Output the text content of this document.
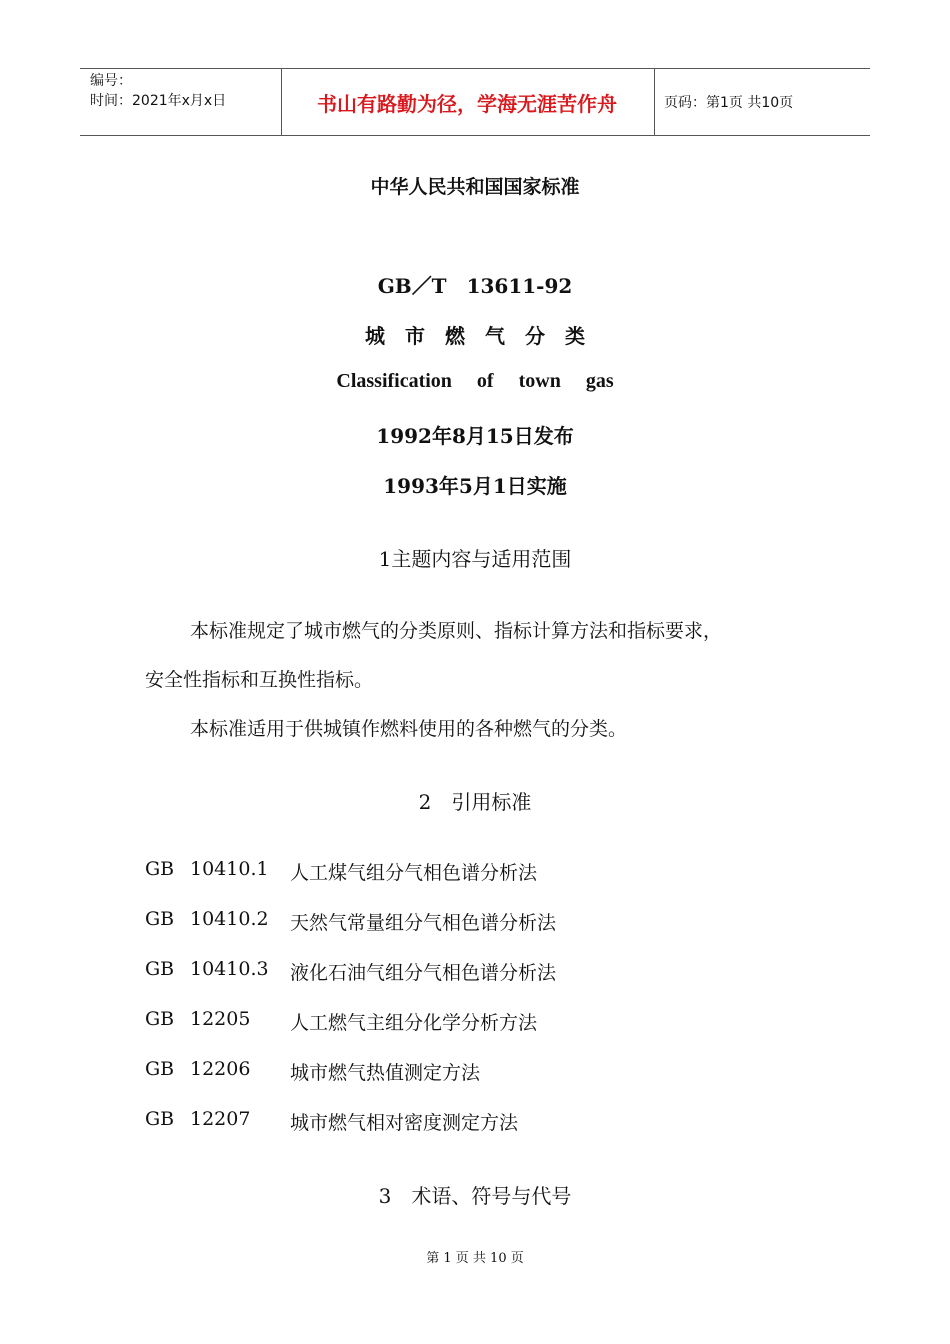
编号：
时间：2021年x月x日	书山有路勤为径，学海无涯苦作舟	页码：第1页 共10页
中华人民共和国国家标准
GB／T　13611-92
城　市　燃　气　分　类
Classification of town gas
1992年8月15日发布
1993年5月1日实施
1主题内容与适用范围
本标准规定了城市燃气的分类原则、指标计算方法和指标要求，
安全性指标和互换性指标。
本标准适用于供城镇作燃料使用的各种燃气的分类。
2　引用标准
GB 10410.1 人工煤气组分气相色谱分析法
GB 10410.2 天然气常量组分气相色谱分析法
GB 10410.3 液化石油气组分气相色谱分析法
GB 12205 人工燃气主组分化学分析方法
GB 12206 城市燃气热值测定方法
GB 12207 城市燃气相对密度测定方法
3　术语、符号与代号
第 1 页 共 10 页
